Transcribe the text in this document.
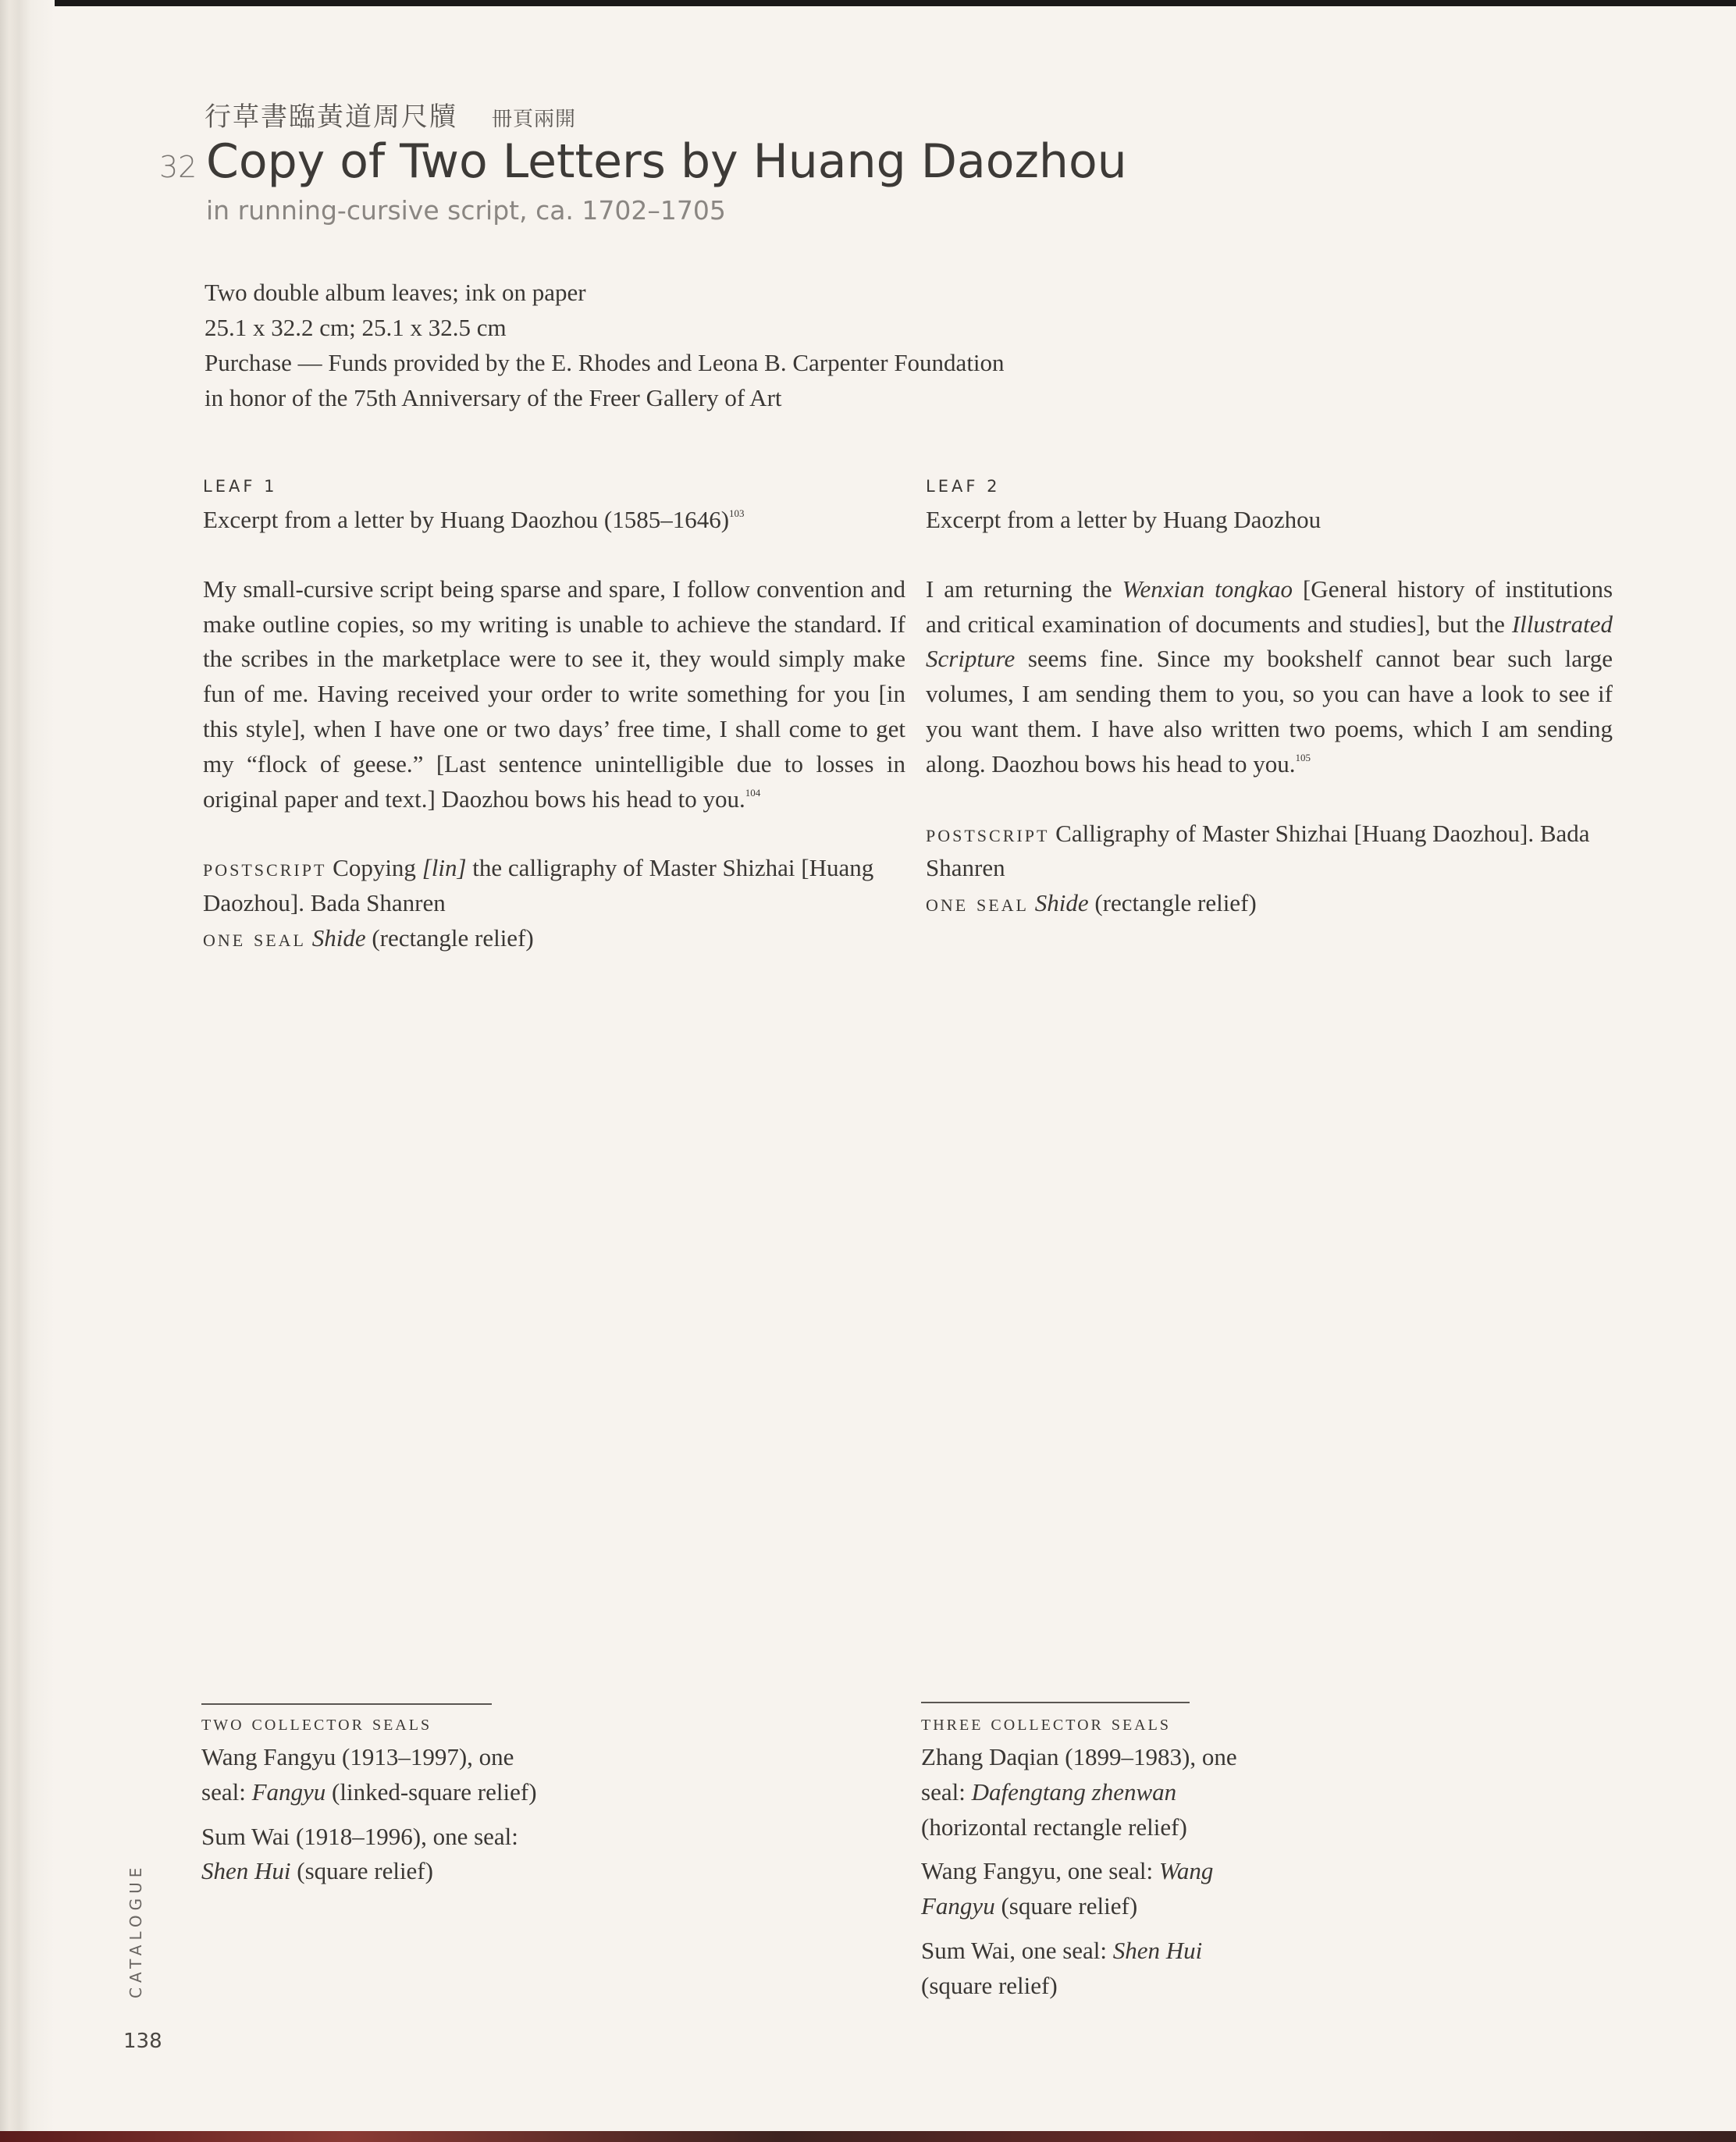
行草書臨黃道周尺牘 冊頁兩開
32 Copy of Two Letters by Huang Daozhou
in running-cursive script, ca. 1702–1705
Two double album leaves; ink on paper
25.1 x 32.2 cm; 25.1 x 32.5 cm
Purchase — Funds provided by the E. Rhodes and Leona B. Carpenter Foundation
in honor of the 75th Anniversary of the Freer Gallery of Art
LEAF 1
Excerpt from a letter by Huang Daozhou (1585–1646)$^{103}$
My small-cursive script being sparse and spare, I follow convention and make outline copies, so my writing is unable to achieve the standard. If the scribes in the marketplace were to see it, they would simply make fun of me. Having received your order to write something for you [in this style], when I have one or two days’ free time, I shall come to get my “flock of geese.” [Last sentence unintelligible due to losses in original paper and text.] Daozhou bows his head to you.$^{104}$
postscript Copying [lin] the calligraphy of Master Shizhai [Huang Daozhou]. Bada Shanren
one seal Shide (rectangle relief)
LEAF 2
Excerpt from a letter by Huang Daozhou
I am returning the Wenxian tongkao [General history of institutions and critical examination of documents and studies], but the Illustrated Scripture seems fine. Since my bookshelf cannot bear such large volumes, I am sending them to you, so you can have a look to see if you want them. I have also written two poems, which I am sending along. Daozhou bows his head to you.$^{105}$
postscript Calligraphy of Master Shizhai [Huang Daozhou]. Bada Shanren
one seal Shide (rectangle relief)
two collector seals
Wang Fangyu (1913–1997), one seal: Fangyu (linked-square relief)
Sum Wai (1918–1996), one seal: Shen Hui (square relief)
three collector seals
Zhang Daqian (1899–1983), one seal: Dafengtang zhenwan (horizontal rectangle relief)
Wang Fangyu, one seal: Wang Fangyu (square relief)
Sum Wai, one seal: Shen Hui (square relief)
CATALOGUE
138
